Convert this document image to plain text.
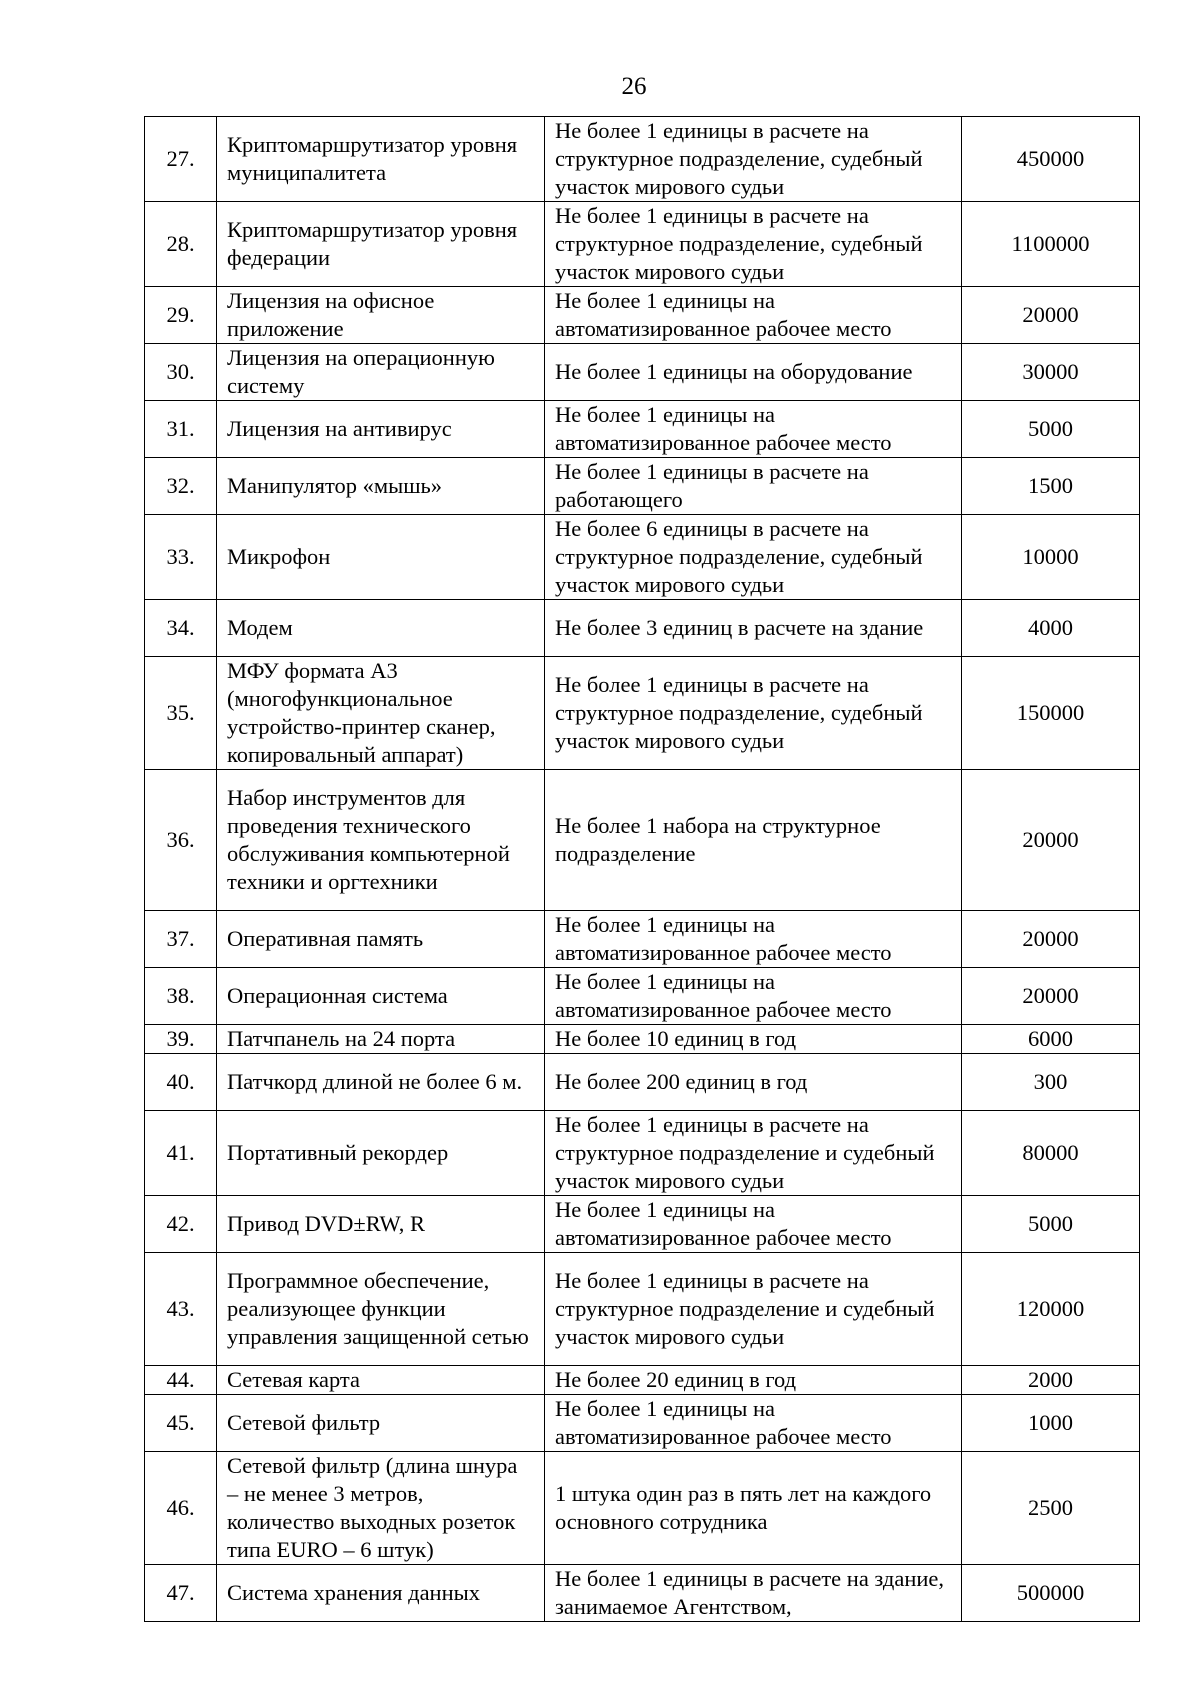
26
27.	Криптомаршрутизатор уровня муниципалитета	Не более 1 единицы в расчете на структурное подразделение, судебный участок мирового судьи	450000
28.	Криптомаршрутизатор уровня федерации	Не более 1 единицы в расчете на структурное подразделение, судебный участок мирового судьи	1100000
29.	Лицензия на офисное приложение	Не более 1 единицы на автоматизированное рабочее место	20000
30.	Лицензия на операционную систему	Не более 1 единицы на оборудование	30000
31.	Лицензия на антивирус	Не более 1 единицы на автоматизированное рабочее место	5000
32.	Манипулятор «мышь»	Не более 1 единицы в расчете на работающего	1500
33.	Микрофон	Не более 6 единицы в расчете на структурное подразделение, судебный участок мирового судьи	10000
34.	Модем	Не более 3 единиц в расчете на здание	4000
35.	МФУ формата А3 (многофункциональное устройство-принтер сканер, копировальный аппарат)	Не более 1 единицы в расчете на структурное подразделение, судебный участок мирового судьи	150000
36.	Набор инструментов для проведения технического обслуживания компьютерной техники и оргтехники	Не более 1 набора на структурное подразделение	20000
37.	Оперативная память	Не более 1 единицы на автоматизированное рабочее место	20000
38.	Операционная система	Не более 1 единицы на автоматизированное рабочее место	20000
39.	Патчпанель на 24 порта	Не более 10 единиц в год	6000
40.	Патчкорд длиной не более 6 м.	Не более 200 единиц в год	300
41.	Портативный рекордер	Не более 1 единицы в расчете на структурное подразделение и судебный участок мирового судьи	80000
42.	Привод DVD±RW, R	Не более 1 единицы на автоматизированное рабочее место	5000
43.	Программное обеспечение, реализующее функции управления защищенной сетью	Не более 1 единицы в расчете на структурное подразделение и судебный участок мирового судьи	120000
44.	Сетевая карта	Не более 20 единиц в год	2000
45.	Сетевой фильтр	Не более 1 единицы на автоматизированное рабочее место	1000
46.	Сетевой фильтр (длина шнура – не менее 3 метров, количество выходных розеток типа EURO – 6 штук)	1 штука один раз в пять лет на каждого основного сотрудника	2500
47.	Система хранения данных	Не более 1 единицы в расчете на здание, занимаемое Агентством,	500000
